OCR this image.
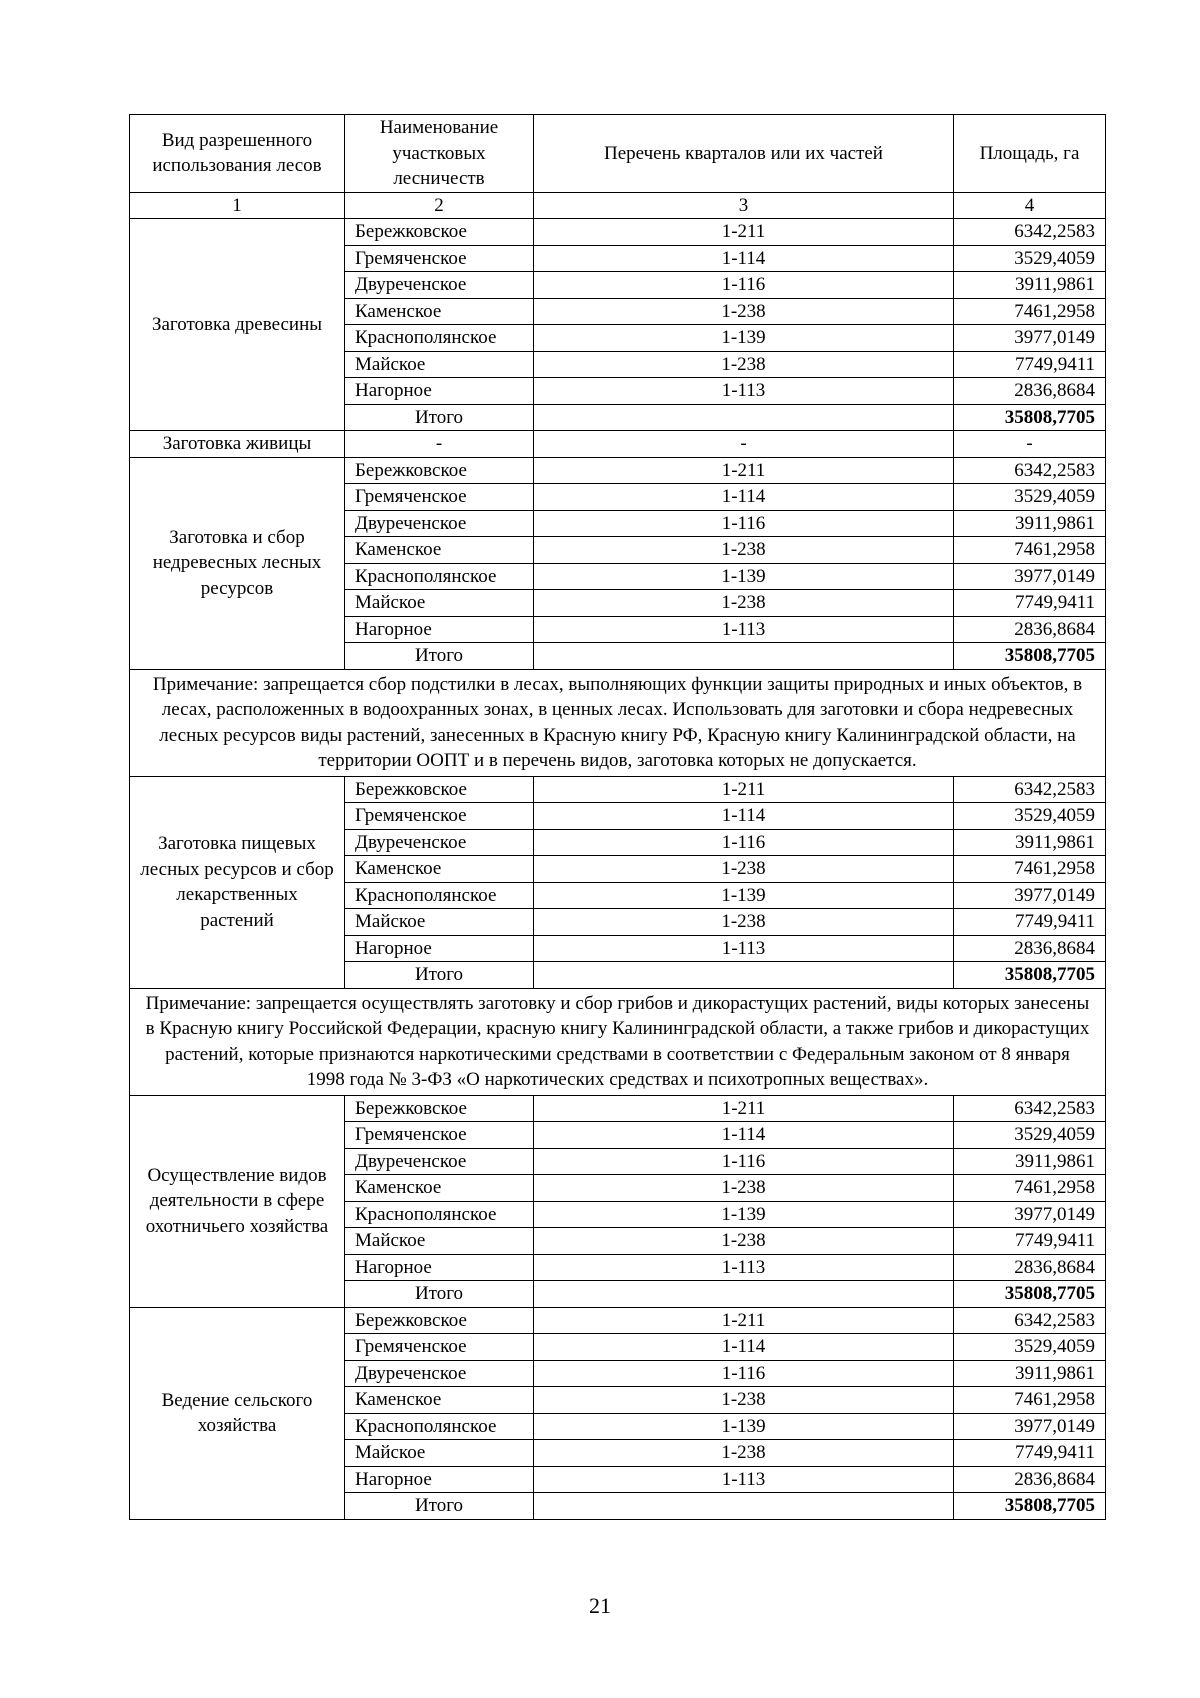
Вид разрешенного использования лесов	Наименование участковых лесничеств	Перечень кварталов или их частей	Площадь, га
1	2	3	4
Заготовка древесины	Бережковское	1-211	6342,2583
	Гремяченское	1-114	3529,4059
	Двуреченское	1-116	3911,9861
	Каменское	1-238	7461,2958
	Краснополянское	1-139	3977,0149
	Майское	1-238	7749,9411
	Нагорное	1-113	2836,8684
	Итого		35808,7705
Заготовка живицы	-	-	-
Заготовка и сбор недревесных лесных ресурсов	Бережковское	1-211	6342,2583
	Гремяченское	1-114	3529,4059
	Двуреченское	1-116	3911,9861
	Каменское	1-238	7461,2958
	Краснополянское	1-139	3977,0149
	Майское	1-238	7749,9411
	Нагорное	1-113	2836,8684
	Итого		35808,7705
Примечание: запрещается сбор подстилки в лесах, выполняющих функции защиты природных и иных объектов, в лесах, расположенных в водоохранных зонах, в ценных лесах. Использовать для заготовки и сбора недревесных лесных ресурсов виды растений, занесенных в Красную книгу РФ, Красную книгу Калининградской области, на территории ООПТ и в перечень видов, заготовка которых не допускается.			
Заготовка пищевых лесных ресурсов и сбор лекарственных растений	Бережковское	1-211	6342,2583
	Гремяченское	1-114	3529,4059
	Двуреченское	1-116	3911,9861
	Каменское	1-238	7461,2958
	Краснополянское	1-139	3977,0149
	Майское	1-238	7749,9411
	Нагорное	1-113	2836,8684
	Итого		35808,7705
Примечание: запрещается осуществлять заготовку и сбор грибов и дикорастущих растений, виды которых занесены в Красную книгу Российской Федерации, красную книгу Калининградской области, а также грибов и дикорастущих растений, которые признаются наркотическими средствами в соответствии с Федеральным законом от 8 января 1998 года № 3-ФЗ «О наркотических средствах и психотропных веществах».			
Осуществление видов деятельности в сфере охотничьего хозяйства	Бережковское	1-211	6342,2583
	Гремяченское	1-114	3529,4059
	Двуреченское	1-116	3911,9861
	Каменское	1-238	7461,2958
	Краснополянское	1-139	3977,0149
	Майское	1-238	7749,9411
	Нагорное	1-113	2836,8684
	Итого		35808,7705
Ведение сельского хозяйства	Бережковское	1-211	6342,2583
	Гремяченское	1-114	3529,4059
	Двуреченское	1-116	3911,9861
	Каменское	1-238	7461,2958
	Краснополянское	1-139	3977,0149
	Майское	1-238	7749,9411
	Нагорное	1-113	2836,8684
	Итого		35808,7705
21
